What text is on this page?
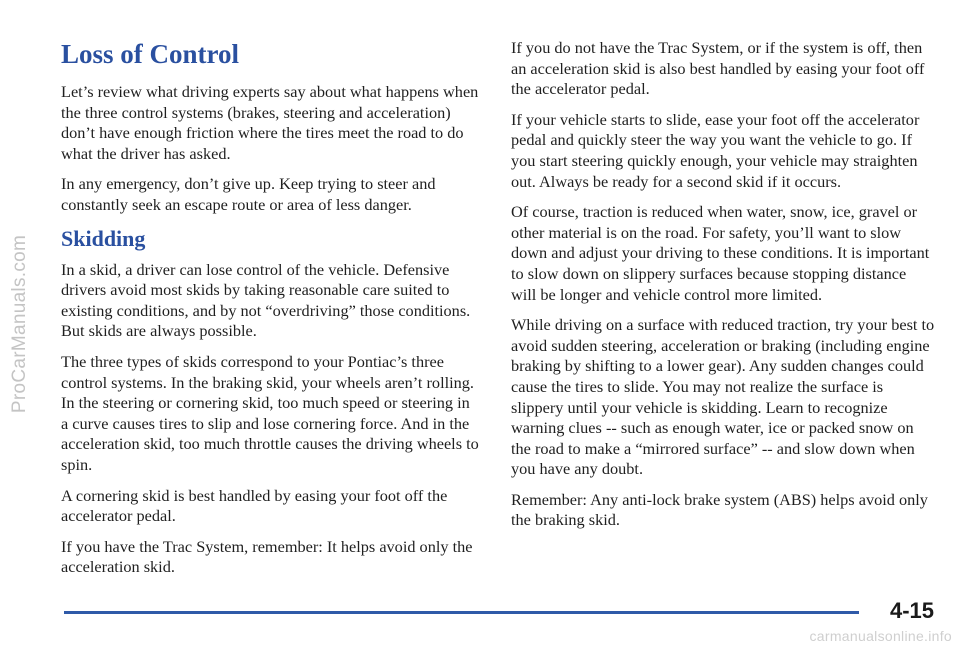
ProCarManuals.com
Loss of Control

Let’s review what driving experts say about what happens when the three control systems (brakes, steering and acceleration) don’t have enough friction where the tires meet the road to do what the driver has asked.

In any emergency, don’t give up. Keep trying to steer and constantly seek an escape route or area of less danger.

Skidding

In a skid, a driver can lose control of the vehicle. Defensive drivers avoid most skids by taking reasonable care suited to existing conditions, and by not “overdriving” those conditions. But skids are always possible.

The three types of skids correspond to your Pontiac’s three control systems. In the braking skid, your wheels aren’t rolling. In the steering or cornering skid, too much speed or steering in a curve causes tires to slip and lose cornering force. And in the acceleration skid, too much throttle causes the driving wheels to spin.

A cornering skid is best handled by easing your foot off the accelerator pedal.

If you have the Trac System, remember: It helps avoid only the acceleration skid.

If you do not have the Trac System, or if the system is off, then an acceleration skid is also best handled by easing your foot off the accelerator pedal.

If your vehicle starts to slide, ease your foot off the accelerator pedal and quickly steer the way you want the vehicle to go. If you start steering quickly enough, your vehicle may straighten out. Always be ready for a second skid if it occurs.

Of course, traction is reduced when water, snow, ice, gravel or other material is on the road. For safety, you’ll want to slow down and adjust your driving to these conditions. It is important to slow down on slippery surfaces because stopping distance will be longer and vehicle control more limited.

While driving on a surface with reduced traction, try your best to avoid sudden steering, acceleration or braking (including engine braking by shifting to a lower gear). Any sudden changes could cause the tires to slide. You may not realize the surface is slippery until your vehicle is skidding. Learn to recognize warning clues -- such as enough water, ice or packed snow on the road to make a “mirrored surface” -- and slow down when you have any doubt.

Remember: Any anti-lock brake system (ABS) helps avoid only the braking skid.

4-15
carmanualsonline.info
